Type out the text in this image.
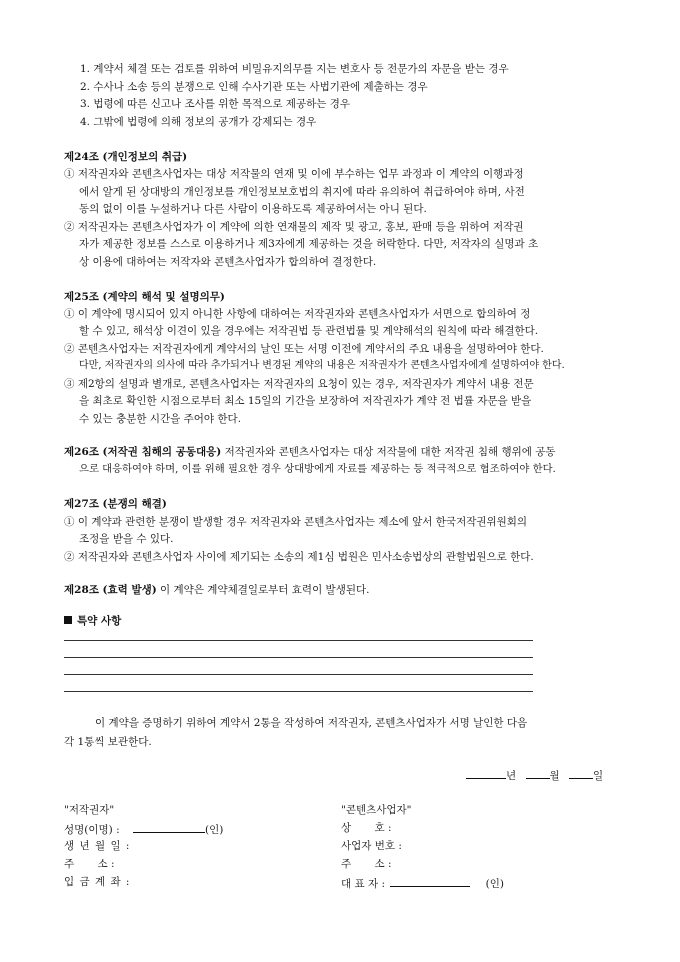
1. 계약서 체결 또는 검토를 위하여 비밀유지의무를 지는 변호사 등 전문가의 자문을 받는 경우
2. 수사나 소송 등의 분쟁으로 인해 수사기관 또는 사법기관에 제출하는 경우
3. 법령에 따른 신고나 조사를 위한 목적으로 제공하는 경우
4. 그밖에 법령에 의해 정보의 공개가 강제되는 경우
제24조 (개인정보의 취급)
① 저작권자와 콘텐츠사업자는 대상 저작물의 연재 및 이에 부수하는 업무 과정과 이 계약의 이행과정
에서 알게 된 상대방의 개인정보를 개인정보보호법의 취지에 따라 유의하여 취급하여야 하며, 사전
동의 없이 이를 누설하거나 다른 사람이 이용하도록 제공하여서는 아니 된다.
② 저작권자는 콘텐츠사업자가 이 계약에 의한 연재물의 제작 및 광고, 홍보, 판매 등을 위하여 저작권
자가 제공한 정보를 스스로 이용하거나 제3자에게 제공하는 것을 허락한다. 다만, 저작자의 실명과 초
상 이용에 대하여는 저작자와 콘텐츠사업자가 합의하여 결정한다.
제25조 (계약의 해석 및 설명의무)
① 이 계약에 명시되어 있지 아니한 사항에 대하여는 저작권자와 콘텐츠사업자가 서면으로 합의하여 정
할 수 있고, 해석상 이견이 있을 경우에는 저작권법 등 관련법률 및 계약해석의 원칙에 따라 해결한다.
② 콘텐츠사업자는 저작권자에게 계약서의 날인 또는 서명 이전에 계약서의 주요 내용을 설명하여야 한다.
다만, 저작권자의 의사에 따라 추가되거나 변경된 계약의 내용은 저작권자가 콘텐츠사업자에게 설명하여야 한다.
③ 제2항의 설명과 별개로, 콘텐츠사업자는 저작권자의 요청이 있는 경우, 저작권자가 계약서 내용 전문
을 최초로 확인한 시점으로부터 최소 15일의 기간을 보장하여 저작권자가 계약 전 법률 자문을 받을
수 있는 충분한 시간을 주어야 한다.
제26조 (저작권 침해의 공동대응) 저작권자와 콘텐츠사업자는 대상 저작물에 대한 저작권 침해 행위에 공동
으로 대응하여야 하며, 이를 위해 필요한 경우 상대방에게 자료를 제공하는 등 적극적으로 협조하여야 한다.
제27조 (분쟁의 해결)
① 이 계약과 관련한 분쟁이 발생할 경우 저작권자와 콘텐츠사업자는 제소에 앞서 한국저작권위원회의
조정을 받을 수 있다.
② 저작권자와 콘텐츠사업자 사이에 제기되는 소송의 제1심 법원은 민사소송법상의 관할법원으로 한다.
제28조 (효력 발생) 이 계약은 계약체결일로부터 효력이 발생된다.
특약 사항
이 계약을 증명하기 위하여 계약서 2통을 작성하여 저작권자, 콘텐츠사업자가 서명 날인한 다음
각 1통씩 보관한다.
년	월	일
"저작권자"
성명(이명) :	(인)
생 년 월 일 :
주       소 :
입 금 계 좌 :
"콘텐츠사업자"
상       호 :
사업자 번호 :
주       소 :
대 표 자 :	(인)
